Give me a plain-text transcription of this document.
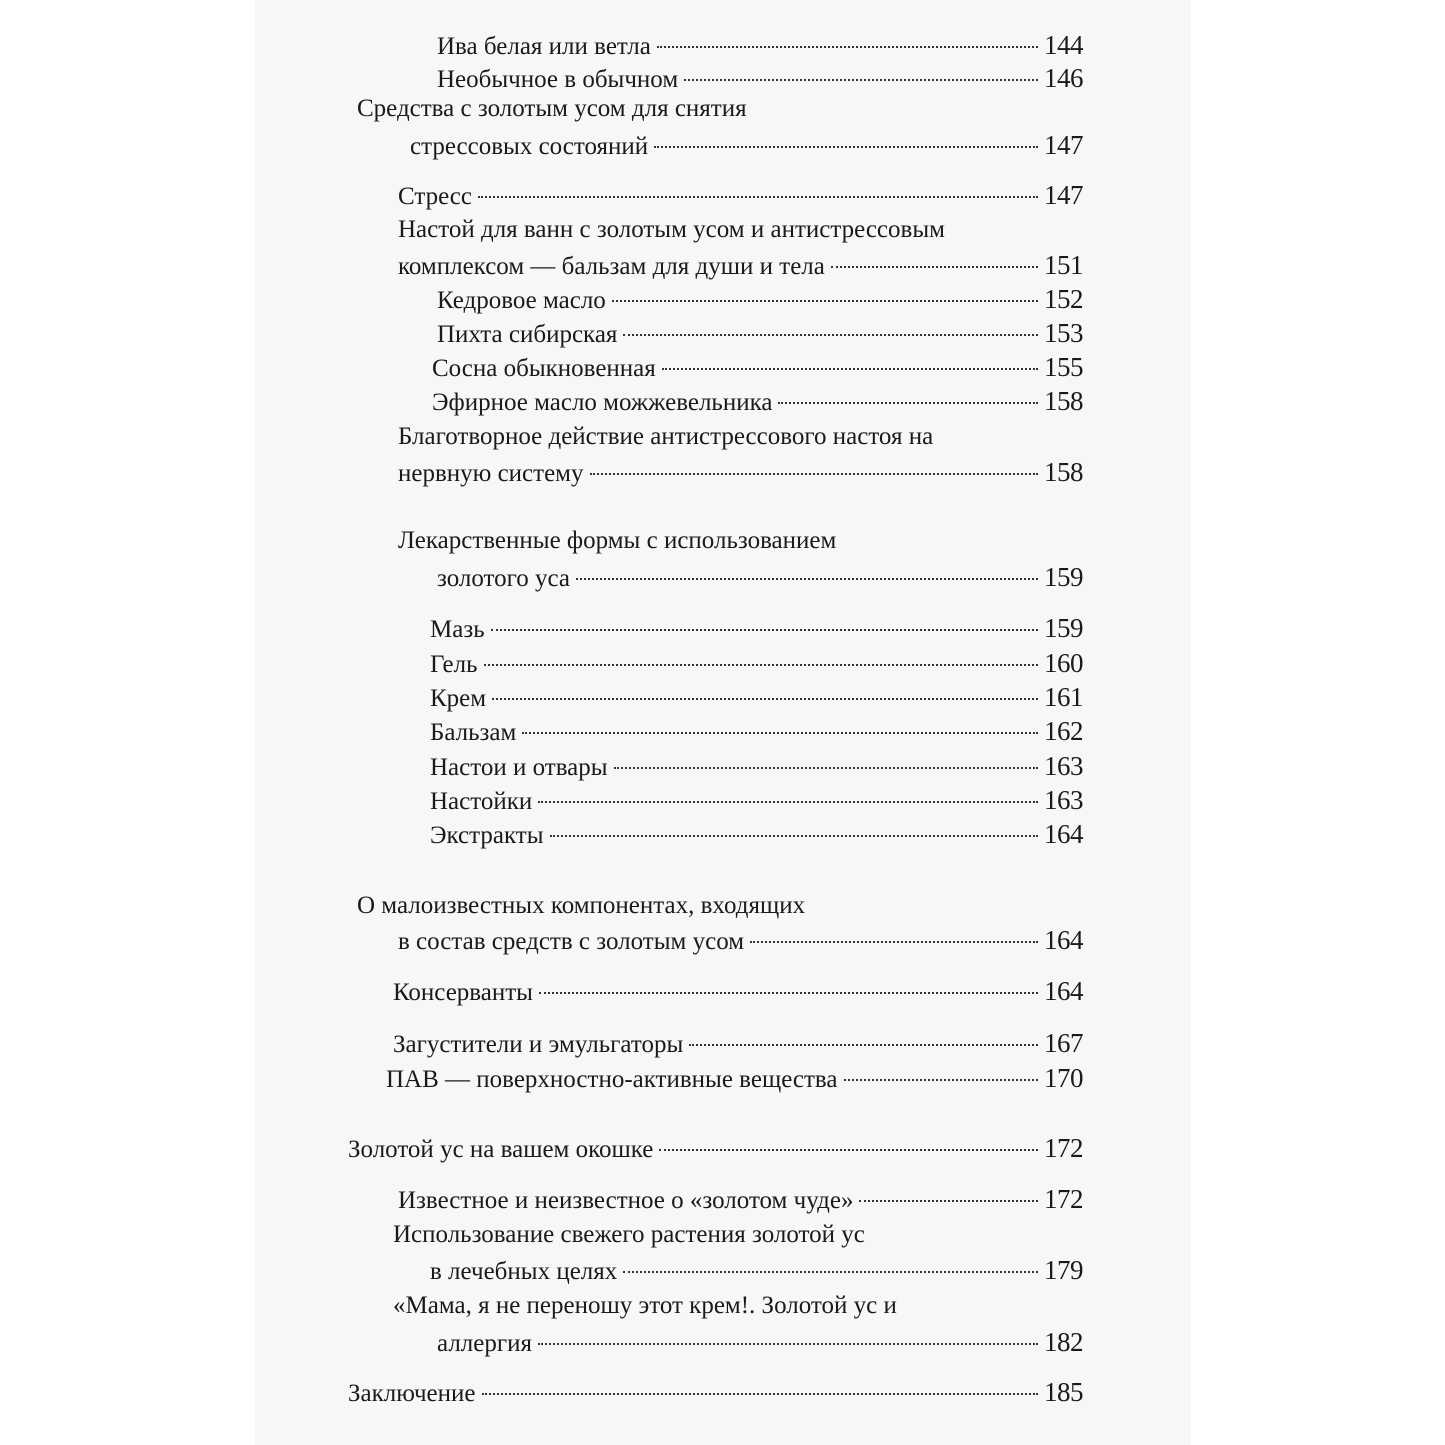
Ива белая или ветла	144
Необычное в обычном	146
Средства с золотым усом для снятия
стрессовых состояний	147
Стресс	147
Настой для ванн с золотым усом и антистрессовым
комплексом — бальзам для души и тела	151
Кедровое масло	152
Пихта сибирская	153
Сосна обыкновенная	155
Эфирное масло можжевельника	158
Благотворное действие антистрессового настоя на
нервную систему	158
Лекарственные формы с использованием
золотого уса	159
Мазь	159
Гель	160
Крем	161
Бальзам	162
Настои и отвары	163
Настойки	163
Экстракты	164
О малоизвестных компонентах, входящих
в состав средств с золотым усом	164
Консерванты	164
Загустители и эмульгаторы	167
ПАВ — поверхностно-активные вещества	170
Золотой ус на вашем окошке	172
Известное и неизвестное о «золотом чуде»	172
Использование свежего растения золотой ус
в лечебных целях	179
«Мама, я не переношу этот крем!. Золотой ус и
аллергия	182
Заключение	185
